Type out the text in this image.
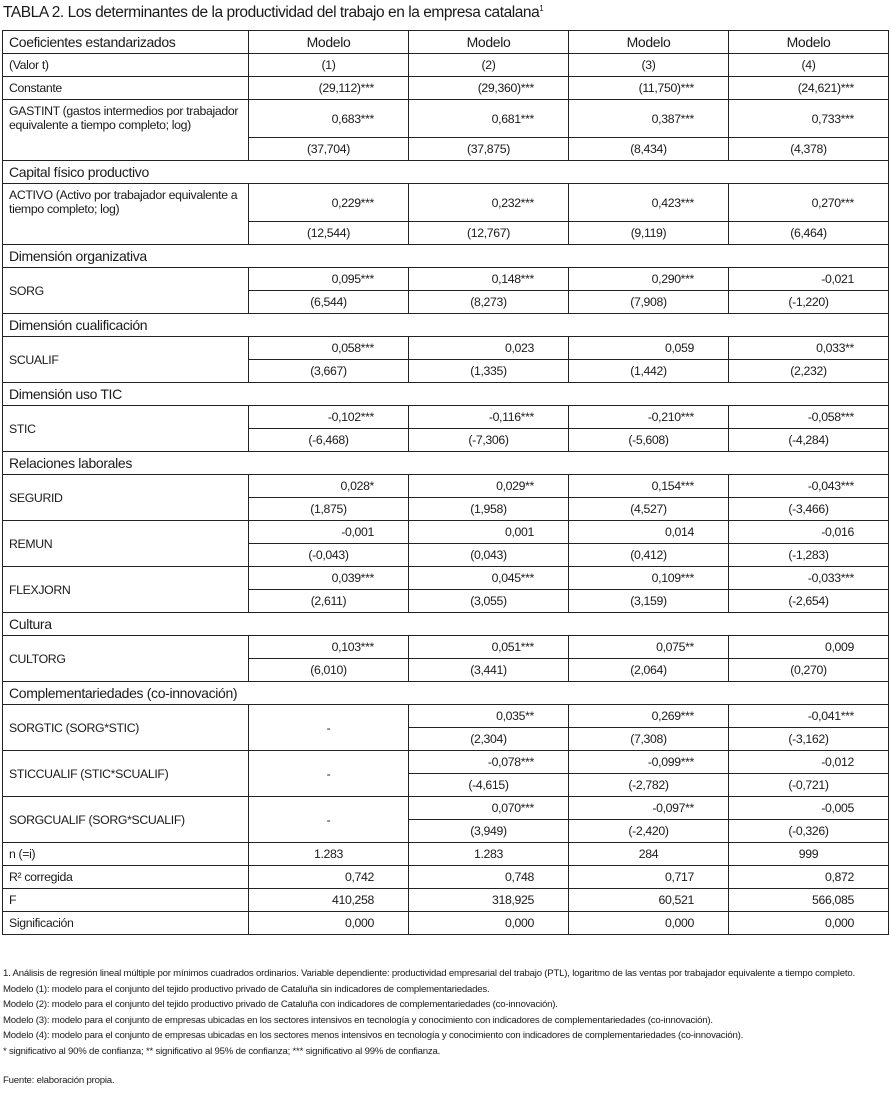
TABLA 2. Los determinantes de la productividad del trabajo en la empresa catalana$^1$
Coeficientes estandarizados	Modelo	Modelo	Modelo	Modelo
(Valor t)	(1)	(2)	(3)	(4)
Constante	(29,112)***	(29,360)***	(11,750)***	(24,621)***
GASTINT (gastos intermedios por trabajador equivalente a tiempo completo; log)	0,683***	0,681***	0,387***	0,733***
	(37,704)	(37,875)	(8,434)	(4,378)
Capital físico productivo				
ACTIVO (Activo por trabajador equivalente a tiempo completo; log)	0,229***	0,232***	0,423***	0,270***
	(12,544)	(12,767)	(9,119)	(6,464)
Dimensión organizativa				
SORG	0,095***	0,148***	0,290***	-0,021
	(6,544)	(8,273)	(7,908)	(-1,220)
Dimensión cualificación				
SCUALIF	0,058***	0,023	0,059	0,033**
	(3,667)	(1,335)	(1,442)	(2,232)
Dimensión uso TIC				
STIC	-0,102***	-0,116***	-0,210***	-0,058***
	(-6,468)	(-7,306)	(-5,608)	(-4,284)
Relaciones laborales				
SEGURID	0,028*	0,029**	0,154***	-0,043***
	(1,875)	(1,958)	(4,527)	(-3,466)
REMUN	-0,001	0,001	0,014	-0,016
	(-0,043)	(0,043)	(0,412)	(-1,283)
FLEXJORN	0,039***	0,045***	0,109***	-0,033***
	(2,611)	(3,055)	(3,159)	(-2,654)
Cultura				
CULTORG	0,103***	0,051***	0,075**	0,009
	(6,010)	(3,441)	(2,064)	(0,270)
Complementariedades (co-innovación)				
SORGTIC (SORG*STIC)	-	0,035**	0,269***	-0,041***
		(2,304)	(7,308)	(-3,162)
STICCUALIF (STIC*SCUALIF)	-	-0,078***	-0,099***	-0,012
		(-4,615)	(-2,782)	(-0,721)
SORGCUALIF (SORG*SCUALIF)	-	0,070***	-0,097**	-0,005
		(3,949)	(-2,420)	(-0,326)
n (=i)	1.283	1.283	284	999
R² corregida	0,742	0,748	0,717	0,872
F	410,258	318,925	60,521	566,085
Significación	0,000	0,000	0,000	0,000
1. Análisis de regresión lineal múltiple por mínimos cuadrados ordinarios. Variable dependiente: productividad empresarial del trabajo (PTL), logaritmo de las ventas por trabajador equivalente a tiempo completo.
Modelo (1): modelo para el conjunto del tejido productivo privado de Cataluña sin indicadores de complementariedades.
Modelo (2): modelo para el conjunto del tejido productivo privado de Cataluña con indicadores de complementariedades (co-innovación).
Modelo (3): modelo para el conjunto de empresas ubicadas en los sectores intensivos en tecnología y conocimiento con indicadores de complementariedades (co-innovación).
Modelo (4): modelo para el conjunto de empresas ubicadas en los sectores menos intensivos en tecnología y conocimiento con indicadores de complementariedades (co-innovación).
* significativo al 90% de confianza; ** significativo al 95% de confianza; *** significativo al 99% de confianza.
Fuente: elaboración propia.
